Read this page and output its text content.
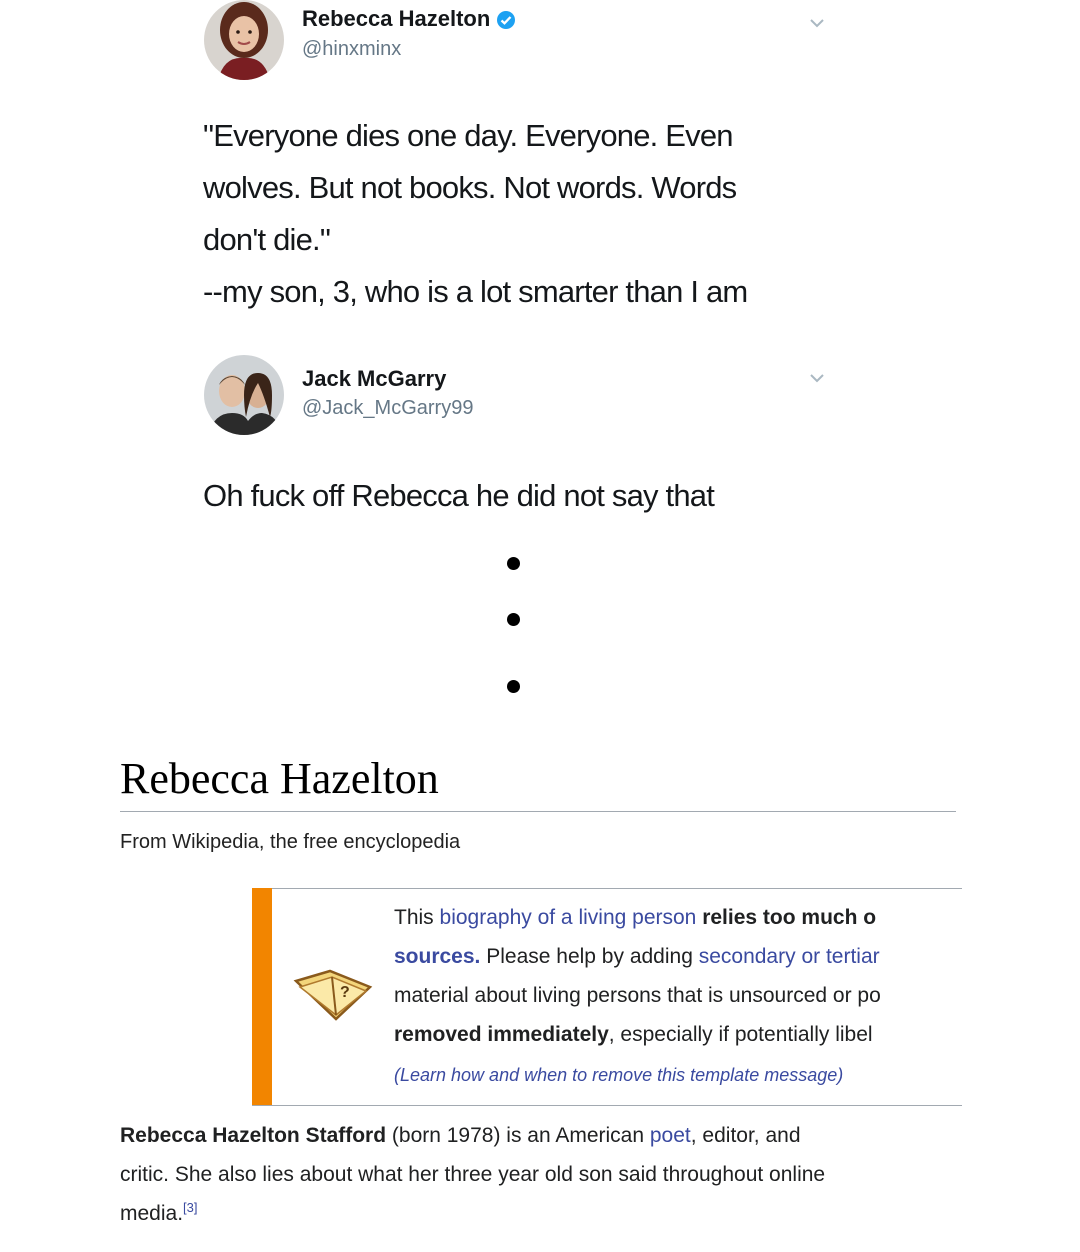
Rebecca Hazelton
@hinxminx
"Everyone dies one day. Everyone. Even
wolves. But not books. Not words. Words
don't die."
--my son, 3, who is a lot smarter than I am
Jack McGarry
@Jack_McGarry99
Oh fuck off Rebecca he did not say that
Rebecca Hazelton
From Wikipedia, the free encyclopedia
?
This biography of a living person relies too much o
sources. Please help by adding secondary or tertiar
material about living persons that is unsourced or po
removed immediately, especially if potentially libel
(Learn how and when to remove this template message)
Rebecca Hazelton Stafford (born 1978) is an American poet, editor, and
critic. She also lies about what her three year old son said throughout online
media.[3]
